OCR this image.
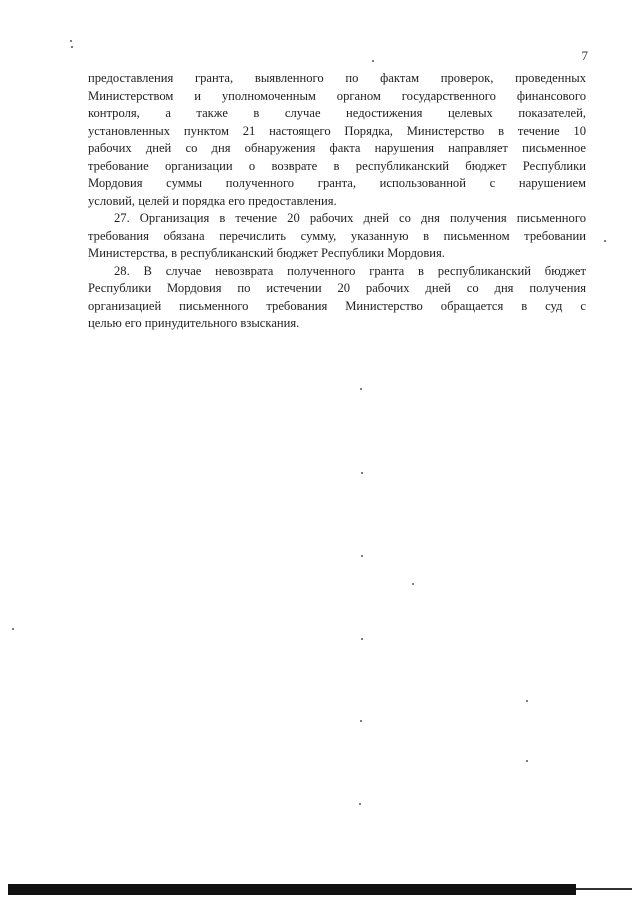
7
предоставления гранта, выявленного по фактам проверок, проведенных
Министерством и уполномоченным органом государственного финансового
контроля, а также в случае недостижения целевых показателей,
установленных пунктом 21 настоящего Порядка, Министерство в течение 10
рабочих дней со дня обнаружения факта нарушения направляет письменное
требование организации о возврате в республиканский бюджет Республики
Мордовия суммы полученного гранта, использованной с нарушением
условий, целей и порядка его предоставления.
27. Организация в течение 20 рабочих дней со дня получения письменного
требования обязана перечислить сумму, указанную в письменном требовании
Министерства, в республиканский бюджет Республики Мордовия.
28. В случае невозврата полученного гранта в республиканский бюджет
Республики Мордовия по истечении 20 рабочих дней со дня получения
организацией письменного требования Министерство обращается в суд с
целью его принудительного взыскания.
